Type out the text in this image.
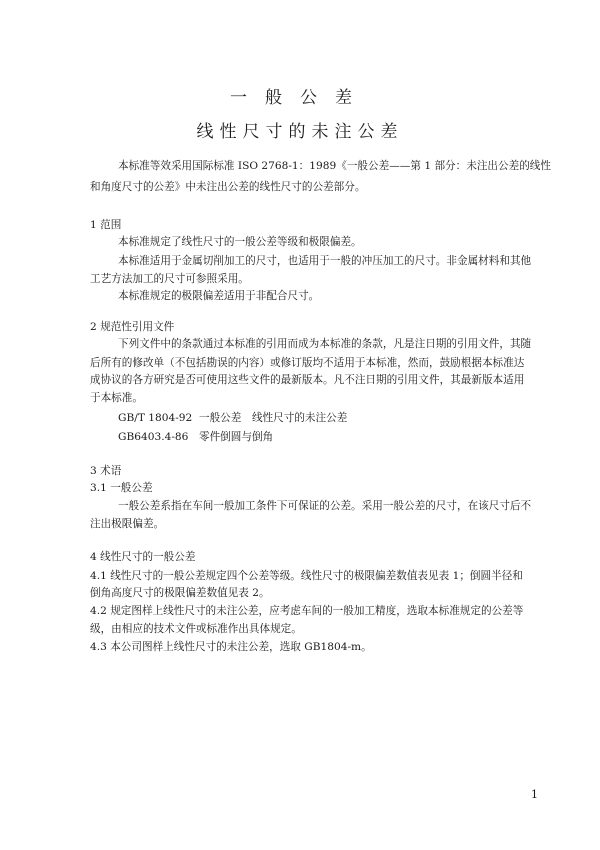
一般公差
线性尺寸的未注公差
本标准等效采用国际标准 ISO 2768-1：1989《一般公差——第 1 部分：未注出公差的线性
和角度尺寸的公差》中未注出公差的线性尺寸的公差部分。
1 范围
本标准规定了线性尺寸的一般公差等级和极限偏差。
本标准适用于金属切削加工的尺寸，也适用于一般的冲压加工的尺寸。非金属材料和其他
工艺方法加工的尺寸可参照采用。
本标准规定的极限偏差适用于非配合尺寸。
2 规范性引用文件
下列文件中的条款通过本标准的引用而成为本标准的条款，凡是注日期的引用文件，其随
后所有的修改单（不包括勘误的内容）或修订版均不适用于本标准，然而，鼓励根据本标准达
成协议的各方研究是否可使用这些文件的最新版本。凡不注日期的引用文件，其最新版本适用
于本标准。
GB/T 1804-92 一般公差　线性尺寸的未注公差
GB6403.4-86 零件倒圆与倒角
3 术语
3.1 一般公差
一般公差系指在车间一般加工条件下可保证的公差。采用一般公差的尺寸，在该尺寸后不
注出极限偏差。
4 线性尺寸的一般公差
4.1 线性尺寸的一般公差规定四个公差等级。线性尺寸的极限偏差数值表见表 1；倒圆半径和
倒角高度尺寸的极限偏差数值见表 2。
4.2 规定图样上线性尺寸的未注公差，应考虑车间的一般加工精度，选取本标准规定的公差等
级，由相应的技术文件或标准作出具体规定。
4.3 本公司图样上线性尺寸的未注公差，选取 GB1804-m。
1
